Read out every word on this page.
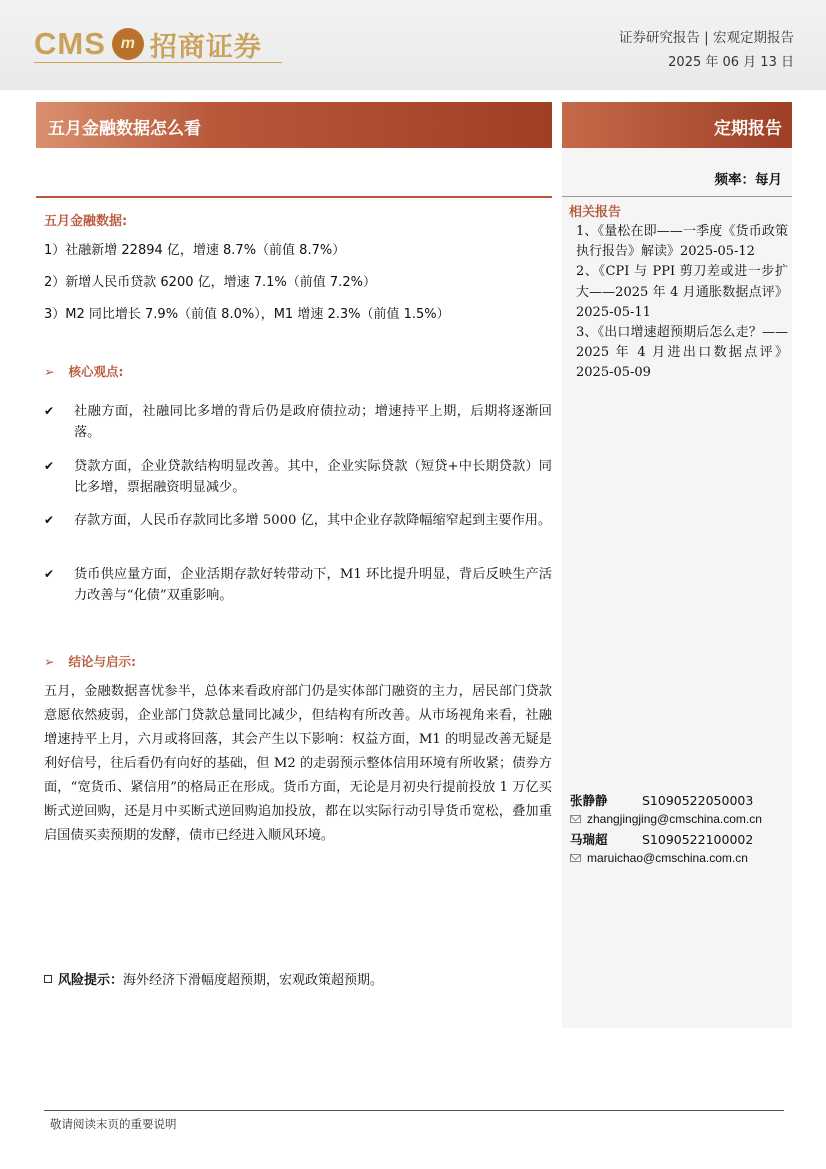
CMS m 招商证券	证券研究报告 | 宏观定期报告
2025 年 06 月 13 日
五月金融数据怎么看	定期报告
频率：每月
相关报告
1、《量松在即——一季度《货币政策执行报告》解读》2025-05-12
2、《CPI 与 PPI 剪刀差或进一步扩大——2025 年 4 月通胀数据点评》2025-05-11
3、《出口增速超预期后怎么走？——2025 年 4 月进出口数据点评》2025-05-09
张静静	S1090522050003
zhangjingjing@cmschina.com.cn
马瑞超	S1090522100002
maruichao@cmschina.com.cn
五月金融数据:
1）社融新增 22894 亿，增速 8.7%（前值 8.7%）
2）新增人民币贷款 6200 亿，增速 7.1%（前值 7.2%）
3）M2 同比增长 7.9%（前值 8.0%），M1 增速 2.3%（前值 1.5%）
➢ 核心观点:
✔ 社融方面，社融同比多增的背后仍是政府债拉动；增速持平上期，后期将逐渐回落。
✔ 贷款方面，企业贷款结构明显改善。其中，企业实际贷款（短贷+中长期贷款）同比多增，票据融资明显减少。
✔ 存款方面，人民币存款同比多增 5000 亿，其中企业存款降幅缩窄起到主要作用。
✔ 货币供应量方面，企业活期存款好转带动下，M1 环比提升明显，背后反映生产活力改善与“化债”双重影响。
➢ 结论与启示:
五月，金融数据喜忧参半，总体来看政府部门仍是实体部门融资的主力，居民部门贷款意愿依然疲弱，企业部门贷款总量同比减少，但结构有所改善。从市场视角来看，社融增速持平上月，六月或将回落，其会产生以下影响：权益方面，M1 的明显改善无疑是利好信号，往后看仍有向好的基础，但 M2 的走弱预示整体信用环境有所收紧；债券方面，“宽货币、紧信用”的格局正在形成。货币方面，无论是月初央行提前投放 1 万亿买断式逆回购，还是月中买断式逆回购追加投放，都在以实际行动引导货币宽松，叠加重启国债买卖预期的发酵，债市已经进入顺风环境。
风险提示： 海外经济下滑幅度超预期，宏观政策超预期。
敬请阅读末页的重要说明
